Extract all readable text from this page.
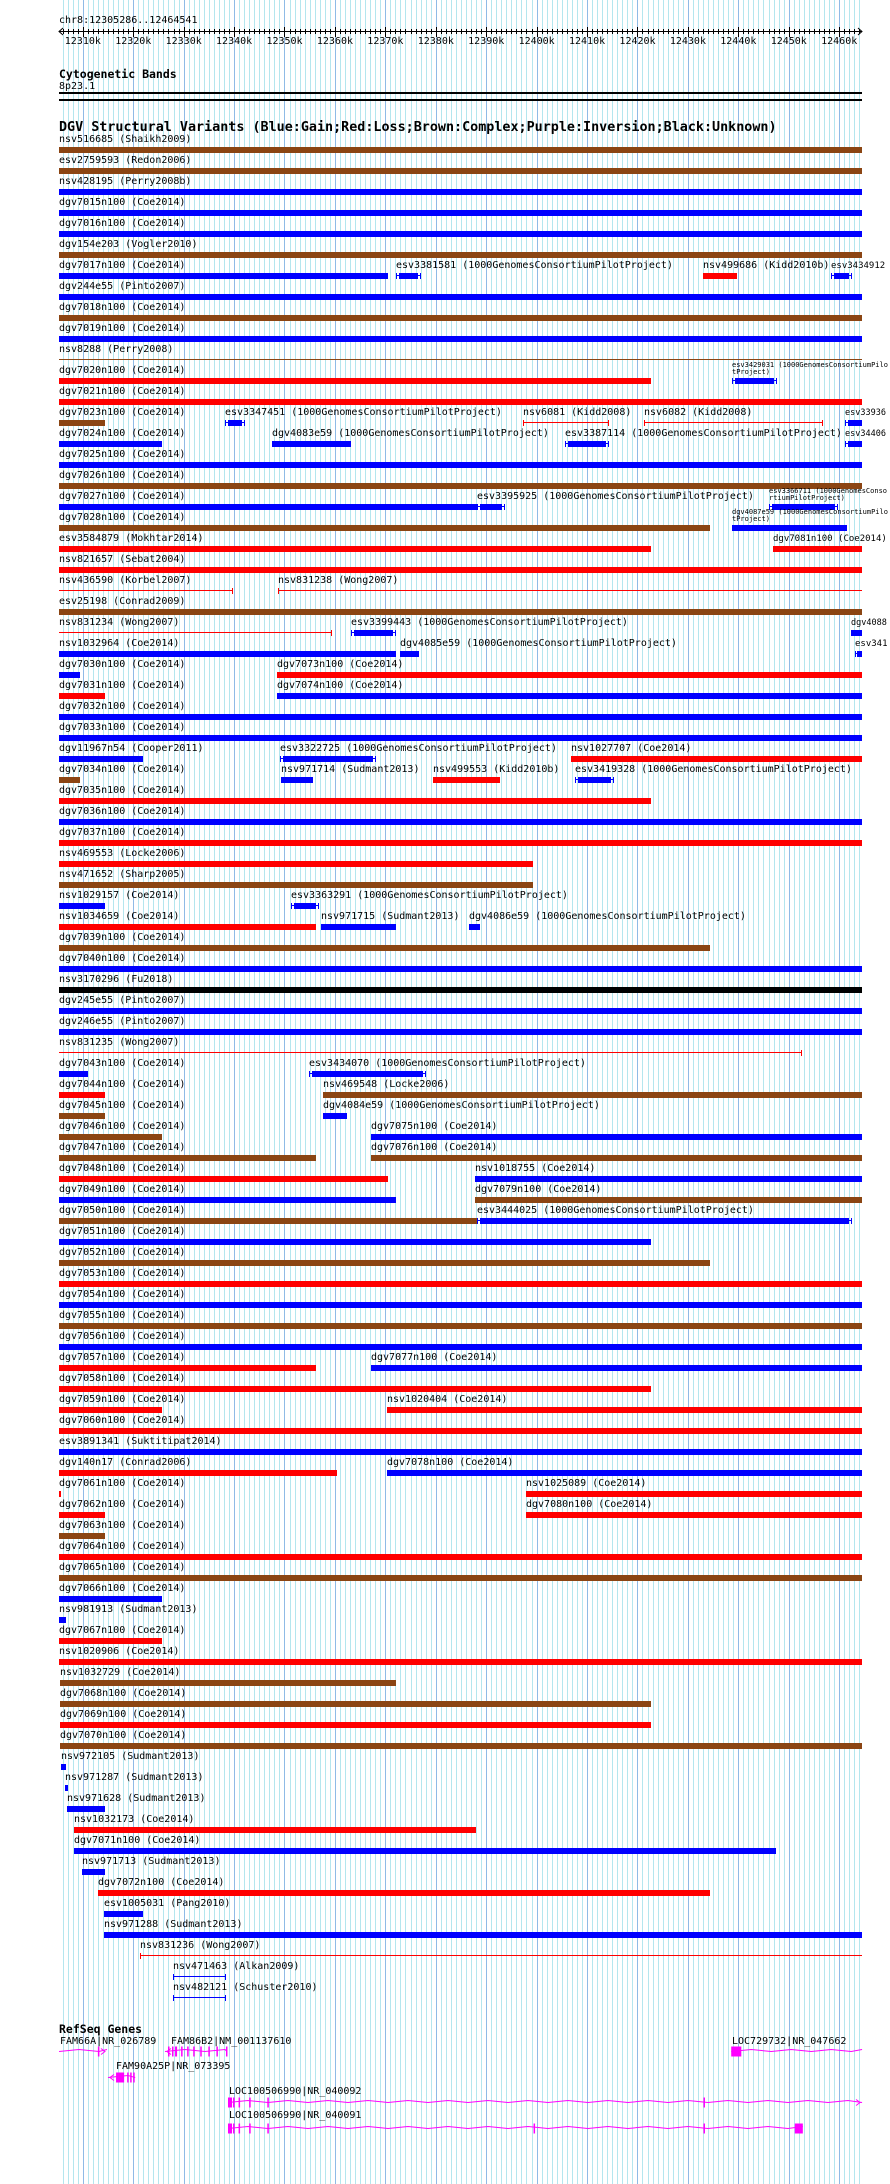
chr8:12305286..12464541
Cytogenetic Bands
8p23.1
DGV Structural Variants (Blue:Gain;Red:Loss;Brown:Complex;Purple:Inversion;Black:Unknown)
nsv516685 (Shaikh2009)
esv2759593 (Redon2006)
nsv428195 (Perry2008b)
dgv7015n100 (Coe2014)
dgv7016n100 (Coe2014)
dgv154e203 (Vogler2010)
dgv7017n100 (Coe2014)	esv3381581 (1000GenomesConsortiumPilotProject)	nsv499686 (Kidd2010b) esv3434912
dgv244e55 (Pinto2007)
dgv7018n100 (Coe2014)
dgv7019n100 (Coe2014)
nsv8288 (Perry2008)
dgv7020n100 (Coe2014)	esv3429031 (1000GenomesConsortiumPilotProject)
dgv7021n100 (Coe2014)
dgv7023n100 (Coe2014)	esv3347451 (1000GenomesConsortiumPilotProject) nsv6081 (Kidd2008) nsv6082 (Kidd2008)	esv33936
dgv7024n100 (Coe2014)	dgv4083e59 (1000GenomesConsortiumPilotProject) esv3387114 (1000GenomesConsortiumPilotProject) esv34406
dgv7025n100 (Coe2014)
dgv7026n100 (Coe2014)
dgv7027n100 (Coe2014)	esv3395925 (1000GenomesConsortiumPilotProject) esv3366711 (1000GenomesConsortiumPilotProject)
dgv7028n100 (Coe2014)	dgv4087e59 (1000GenomesConsortiumPilotProject)
esv3584879 (Mokhtar2014)	dgv7081n100 (Coe2014)
nsv821657 (Sebat2004)
nsv436590 (Korbel2007)	nsv831238 (Wong2007)
esv25198 (Conrad2009)
nsv831234 (Wong2007)	esv3399443 (1000GenomesConsortiumPilotProject)	dgv4088
nsv1032964 (Coe2014)	dgv4085e59 (1000GenomesConsortiumPilotProject)	esv341
dgv7030n100 (Coe2014)	dgv7073n100 (Coe2014)
dgv7031n100 (Coe2014)	dgv7074n100 (Coe2014)
dgv7032n100 (Coe2014)
dgv7033n100 (Coe2014)
dgv11967n54 (Cooper2011)	esv3322725 (1000GenomesConsortiumPilotProject) nsv1027707 (Coe2014)
dgv7034n100 (Coe2014)	nsv971714 (Sudmant2013) nsv499553 (Kidd2010b) esv3419328 (1000GenomesConsortiumPilotProject)
dgv7035n100 (Coe2014)
dgv7036n100 (Coe2014)
dgv7037n100 (Coe2014)
nsv469553 (Locke2006)
nsv471652 (Sharp2005)
nsv1029157 (Coe2014)	esv3363291 (1000GenomesConsortiumPilotProject)
nsv1034659 (Coe2014)	nsv971715 (Sudmant2013) dgv4086e59 (1000GenomesConsortiumPilotProject)
dgv7039n100 (Coe2014)
dgv7040n100 (Coe2014)
nsv3170296 (Fu2018)
dgv245e55 (Pinto2007)
dgv246e55 (Pinto2007)
nsv831235 (Wong2007)
dgv7043n100 (Coe2014)	esv3434070 (1000GenomesConsortiumPilotProject)
dgv7044n100 (Coe2014)	nsv469548 (Locke2006)
dgv7045n100 (Coe2014)	dgv4084e59 (1000GenomesConsortiumPilotProject)
dgv7046n100 (Coe2014)	dgv7075n100 (Coe2014)
dgv7047n100 (Coe2014)	dgv7076n100 (Coe2014)
dgv7048n100 (Coe2014)	nsv1018755 (Coe2014)
dgv7049n100 (Coe2014)	dgv7079n100 (Coe2014)
dgv7050n100 (Coe2014)	esv3444025 (1000GenomesConsortiumPilotProject)
dgv7051n100 (Coe2014)
dgv7052n100 (Coe2014)
dgv7053n100 (Coe2014)
dgv7054n100 (Coe2014)
dgv7055n100 (Coe2014)
dgv7056n100 (Coe2014)
dgv7057n100 (Coe2014)	dgv7077n100 (Coe2014)
dgv7058n100 (Coe2014)
dgv7059n100 (Coe2014)	nsv1020404 (Coe2014)
dgv7060n100 (Coe2014)
esv3891341 (Suktitipat2014)
dgv140n17 (Conrad2006)	dgv7078n100 (Coe2014)
dgv7061n100 (Coe2014)	nsv1025089 (Coe2014)
dgv7062n100 (Coe2014)	dgv7080n100 (Coe2014)
dgv7063n100 (Coe2014)
dgv7064n100 (Coe2014)
dgv7065n100 (Coe2014)
dgv7066n100 (Coe2014)
nsv981913 (Sudmant2013)
dgv7067n100 (Coe2014)
nsv1020906 (Coe2014)
nsv1032729 (Coe2014)
dgv7068n100 (Coe2014)
dgv7069n100 (Coe2014)
dgv7070n100 (Coe2014)
nsv972105 (Sudmant2013)
nsv971287 (Sudmant2013)
nsv971628 (Sudmant2013)
nsv1032173 (Coe2014)
dgv7071n100 (Coe2014)
nsv971713 (Sudmant2013)
dgv7072n100 (Coe2014)
esv1005031 (Pang2010)
nsv971288 (Sudmant2013)
nsv831236 (Wong2007)
nsv471463 (Alkan2009)
nsv482121 (Schuster2010)
RefSeq Genes
FAM66A|NR_026789 FAM86B2|NM_001137610	LOC729732|NR_047662
FAM90A25P|NR_073395
LOC100506990|NR_040092
LOC100506990|NR_040091
12310k 12320k 12330k 12340k 12350k 12360k 12370k 12380k 12390k 12400k 12410k 12420k 12430k 12440k 12450k 12460k
